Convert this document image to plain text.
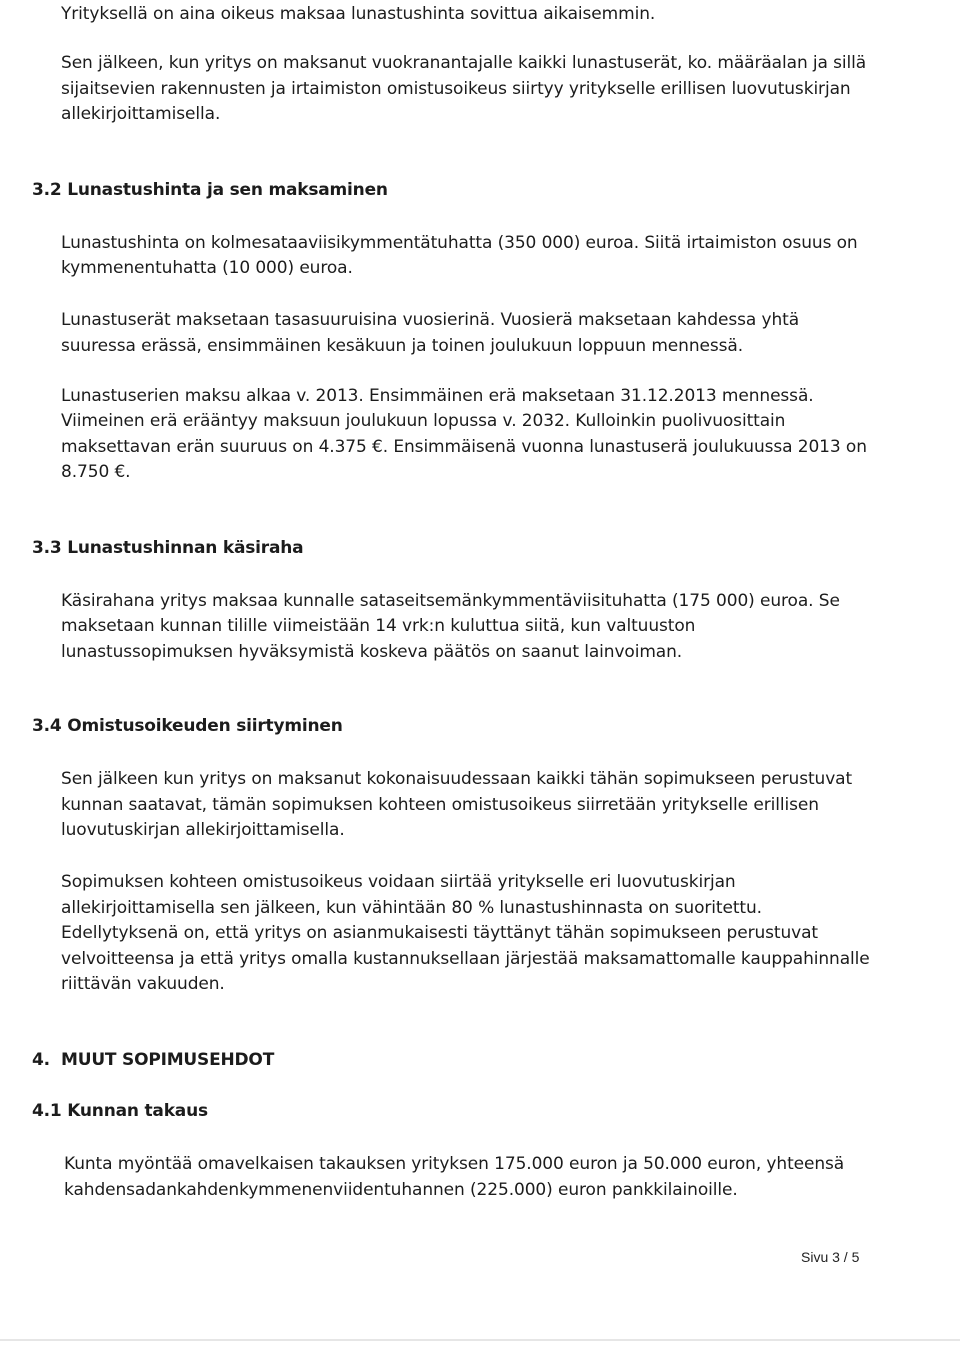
Yrityksellä on aina oikeus maksaa lunastushinta sovittua aikaisemmin.
Sen jälkeen, kun yritys on maksanut vuokranantajalle kaikki lunastuserät, ko. määräalan ja sillä
sijaitsevien rakennusten ja irtaimiston omistusoikeus siirtyy yritykselle erillisen luovutuskirjan
allekirjoittamisella.
3.2 Lunastushinta ja sen maksaminen
Lunastushinta on kolmesataaviisikymmentätuhatta (350 000) euroa. Siitä irtaimiston osuus on
kymmenentuhatta (10 000) euroa.
Lunastuserät maksetaan tasasuuruisina vuosierinä. Vuosierä maksetaan kahdessa yhtä
suuressa erässä, ensimmäinen kesäkuun ja toinen joulukuun loppuun mennessä.
Lunastuserien maksu alkaa v. 2013. Ensimmäinen erä maksetaan 31.12.2013 mennessä.
Viimeinen erä erääntyy maksuun joulukuun lopussa v. 2032. Kulloinkin puolivuosittain
maksettavan erän suuruus on 4.375 €. Ensimmäisenä vuonna lunastuserä joulukuussa 2013 on
8.750 €.
3.3 Lunastushinnan käsiraha
Käsirahana yritys maksaa kunnalle sataseitsemänkymmentäviisituhatta (175 000) euroa. Se
maksetaan kunnan tilille viimeistään 14 vrk:n kuluttua siitä, kun valtuuston
lunastussopimuksen hyväksymistä koskeva päätös on saanut lainvoiman.
3.4 Omistusoikeuden siirtyminen
Sen jälkeen kun yritys on maksanut kokonaisuudessaan kaikki tähän sopimukseen perustuvat
kunnan saatavat, tämän sopimuksen kohteen omistusoikeus siirretään yritykselle erillisen
luovutuskirjan allekirjoittamisella.
Sopimuksen kohteen omistusoikeus voidaan siirtää yritykselle eri luovutuskirjan
allekirjoittamisella sen jälkeen, kun vähintään 80 % lunastushinnasta on suoritettu.
Edellytyksenä on, että yritys on asianmukaisesti täyttänyt tähän sopimukseen perustuvat
velvoitteensa ja että yritys omalla kustannuksellaan järjestää maksamattomalle kauppahinnalle
riittävän vakuuden.
4. MUUT SOPIMUSEHDOT
4.1 Kunnan takaus
Kunta myöntää omavelkaisen takauksen yrityksen 175.000 euron ja 50.000 euron, yhteensä
kahdensadankahdenkymmenenviidentuhannen (225.000) euron pankkilainoille.
Sivu 3 / 5
